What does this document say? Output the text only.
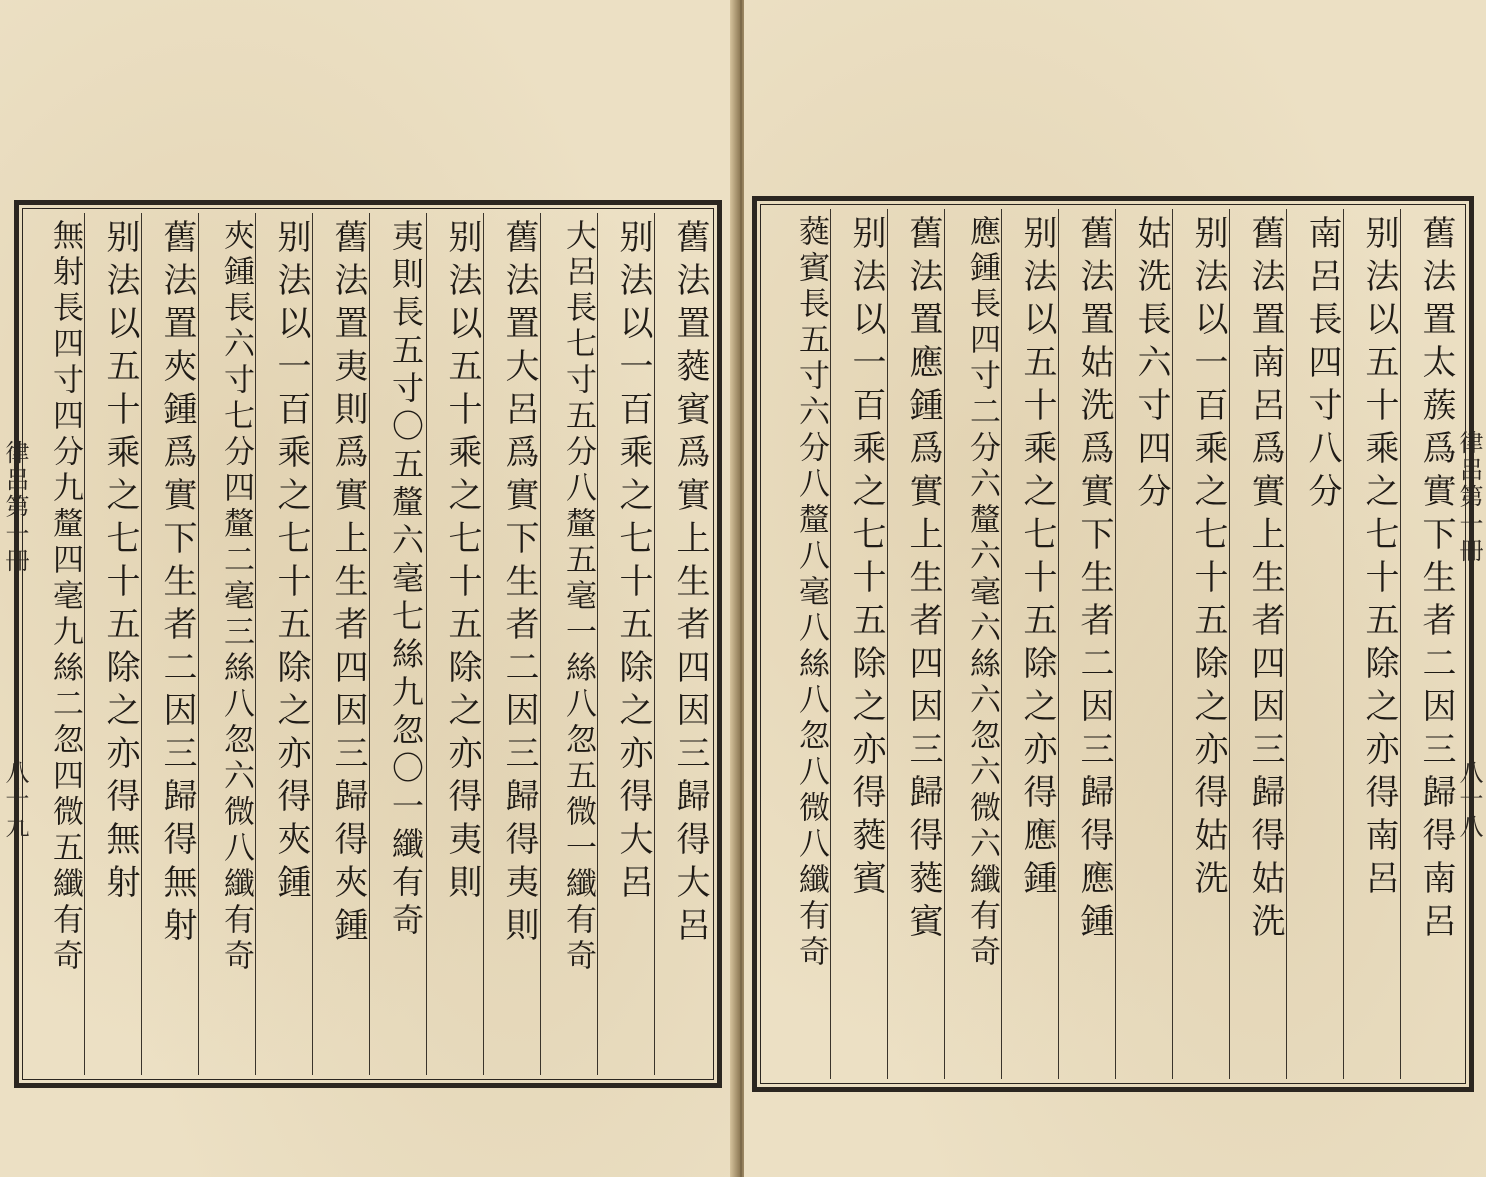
舊法置蕤賓爲實上生者四因三歸得大呂
别法以一百乘之七十五除之亦得大呂
大呂長七寸五分八釐五毫一絲八忽五微一纖有奇
舊法置大呂爲實下生者二因三歸得夷則
别法以五十乘之七十五除之亦得夷則
夷則長五寸〇五釐六毫七絲九忽〇一纖有奇
舊法置夷則爲實上生者四因三歸得夾鍾
别法以一百乘之七十五除之亦得夾鍾
夾鍾長六寸七分四釐二毫三絲八忽六微八纖有奇
舊法置夾鍾爲實下生者二因三歸得無射
别法以五十乘之七十五除之亦得無射
無射長四寸四分九釐四毫九絲二忽四微五纖有奇
律呂第一冊
八十九	舊法置太蔟爲實下生者二因三歸得南呂
别法以五十乘之七十五除之亦得南呂
南呂長四寸八分
舊法置南呂爲實上生者四因三歸得姑洗
别法以一百乘之七十五除之亦得姑洗
姑洗長六寸四分
舊法置姑洗爲實下生者二因三歸得應鍾
别法以五十乘之七十五除之亦得應鍾
應鍾長四寸二分六釐六毫六絲六忽六微六纖有奇
舊法置應鍾爲實上生者四因三歸得蕤賓
别法以一百乘之七十五除之亦得蕤賓
蕤賓長五寸六分八釐八毫八絲八忽八微八纖有奇	律呂第一冊
八十八
